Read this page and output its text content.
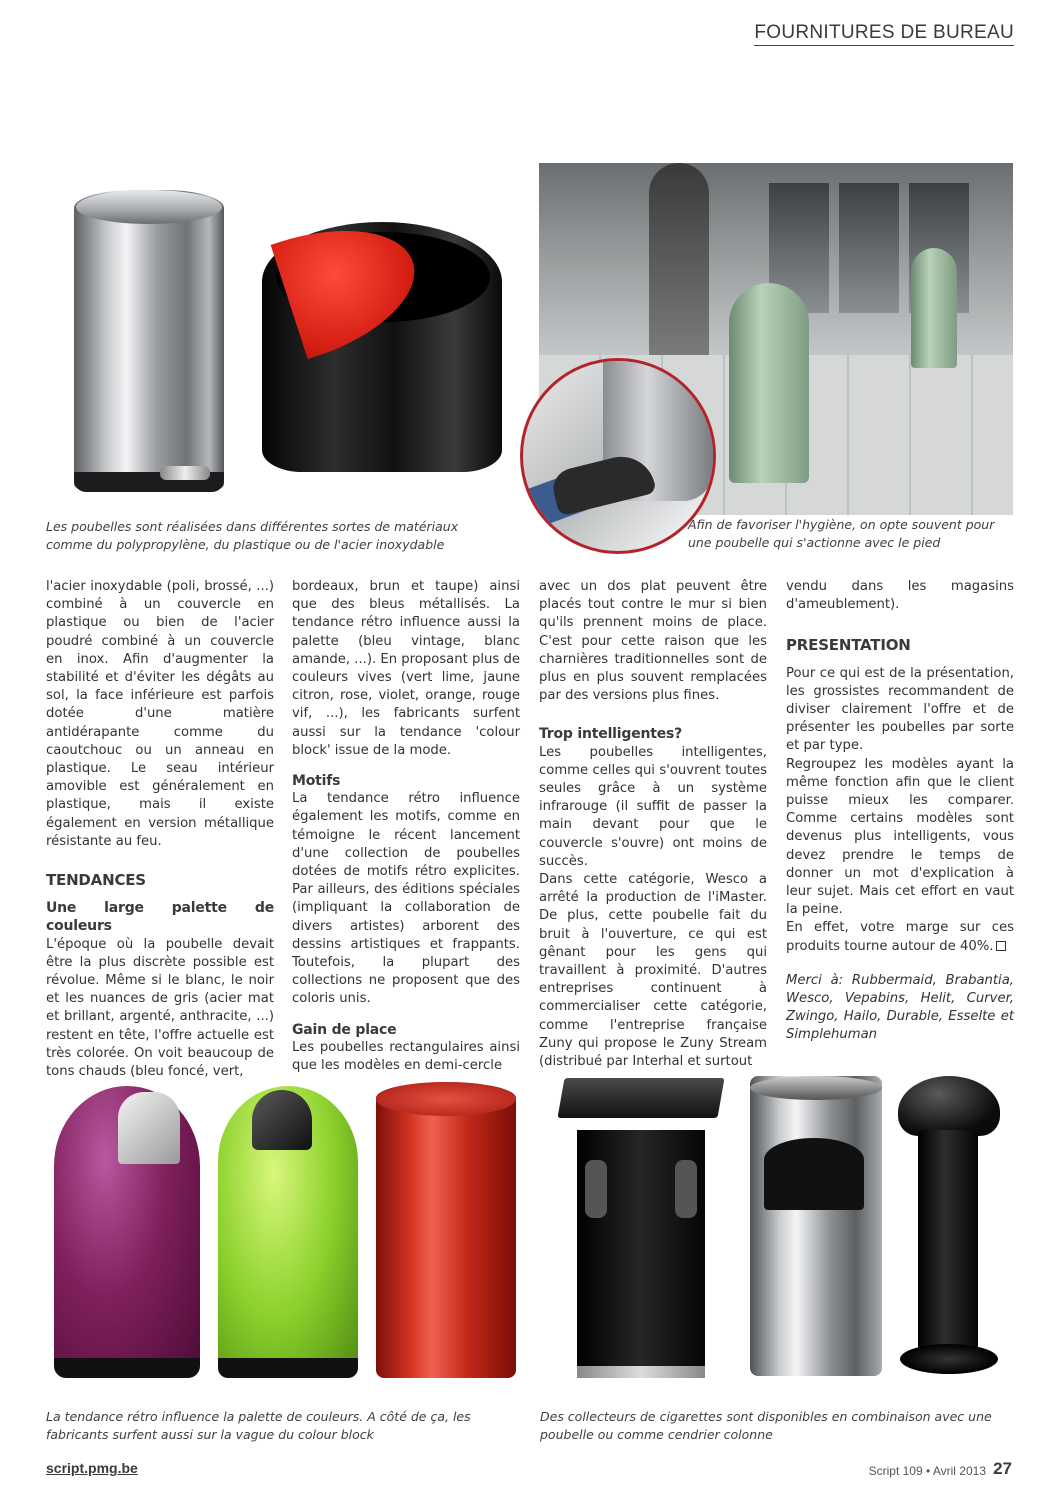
FOURNITURES DE BUREAU
Les poubelles sont réalisées dans différentes sortes de matériaux comme du polypropylène, du plastique ou de l'acier inoxydable
Afin de favoriser l'hygiène, on opte souvent pour une poubelle qui s'actionne avec le pied

l'acier inoxydable (poli, brossé, ...) combiné à un couvercle en plastique ou bien de l'acier poudré combiné à un couvercle en inox. Afin d'augmenter la stabilité et d'éviter les dégâts au sol, la face inférieure est parfois dotée d'une matière antidérapante comme du caoutchouc ou un anneau en plastique. Le seau intérieur amovible est généralement en plastique, mais il existe également en version métallique résistante au feu.

TENDANCES
Une large palette de couleurs

L'époque où la poubelle devait être la plus discrète possible est révolue. Même si le blanc, le noir et les nuances de gris (acier mat et brillant, argenté, anthracite, ...) restent en tête, l'offre actuelle est très colorée. On voit beaucoup de tons chauds (bleu foncé, vert,

bordeaux, brun et taupe) ainsi que des bleus métallisés. La tendance rétro influence aussi la palette (bleu vintage, blanc amande, ...). En proposant plus de couleurs vives (vert lime, jaune citron, rose, violet, orange, rouge vif, ...), les fabricants surfent aussi sur la tendance 'colour block' issue de la mode.

Motifs

La tendance rétro influence également les motifs, comme en témoigne le récent lancement d'une collection de poubelles dotées de motifs rétro explicites. Par ailleurs, des éditions spéciales (impliquant la collaboration de divers artistes) arborent des dessins artistiques et frappants. Toutefois, la plupart des collections ne proposent que des coloris unis.

Gain de place

Les poubelles rectangulaires ainsi que les modèles en demi-cercle

avec un dos plat peuvent être placés tout contre le mur si bien qu'ils prennent moins de place. C'est pour cette raison que les charnières traditionnelles sont de plus en plus souvent remplacées par des versions plus fines.

Trop intelligentes?

Les poubelles intelligentes, comme celles qui s'ouvrent toutes seules grâce à un système infrarouge (il suffit de passer la main devant pour que le couvercle s'ouvre) ont moins de succès.

Dans cette catégorie, Wesco a arrêté la production de l'iMaster. De plus, cette poubelle fait du bruit à l'ouverture, ce qui est gênant pour les gens qui travaillent à proximité. D'autres entreprises continuent à commercialiser cette catégorie, comme l'entreprise française Zuny qui propose le Zuny Stream (distribué par Interhal et surtout

vendu dans les magasins d'ameublement).

PRESENTATION

Pour ce qui est de la présentation, les grossistes recommandent de diviser clairement l'offre et de présenter les poubelles par sorte et par type.

Regroupez les modèles ayant la même fonction afin que le client puisse mieux les comparer. Comme certains modèles sont devenus plus intelligents, vous devez prendre le temps de donner un mot d'explication à leur sujet. Mais cet effort en vaut la peine.

En effet, votre marge sur ces produits tourne autour de 40%.

Merci à: Rubbermaid, Brabantia, Wesco, Vepabins, Helit, Curver, Zwingo, Hailo, Durable, Esselte et Simplehuman

La tendance rétro influence la palette de couleurs. A côté de ça, les fabricants surfent aussi sur la vague du colour block
Des collecteurs de cigarettes sont disponibles en combinaison avec une poubelle ou comme cendrier colonne
script.pmg.be	Script 109 • Avril 2013 27
